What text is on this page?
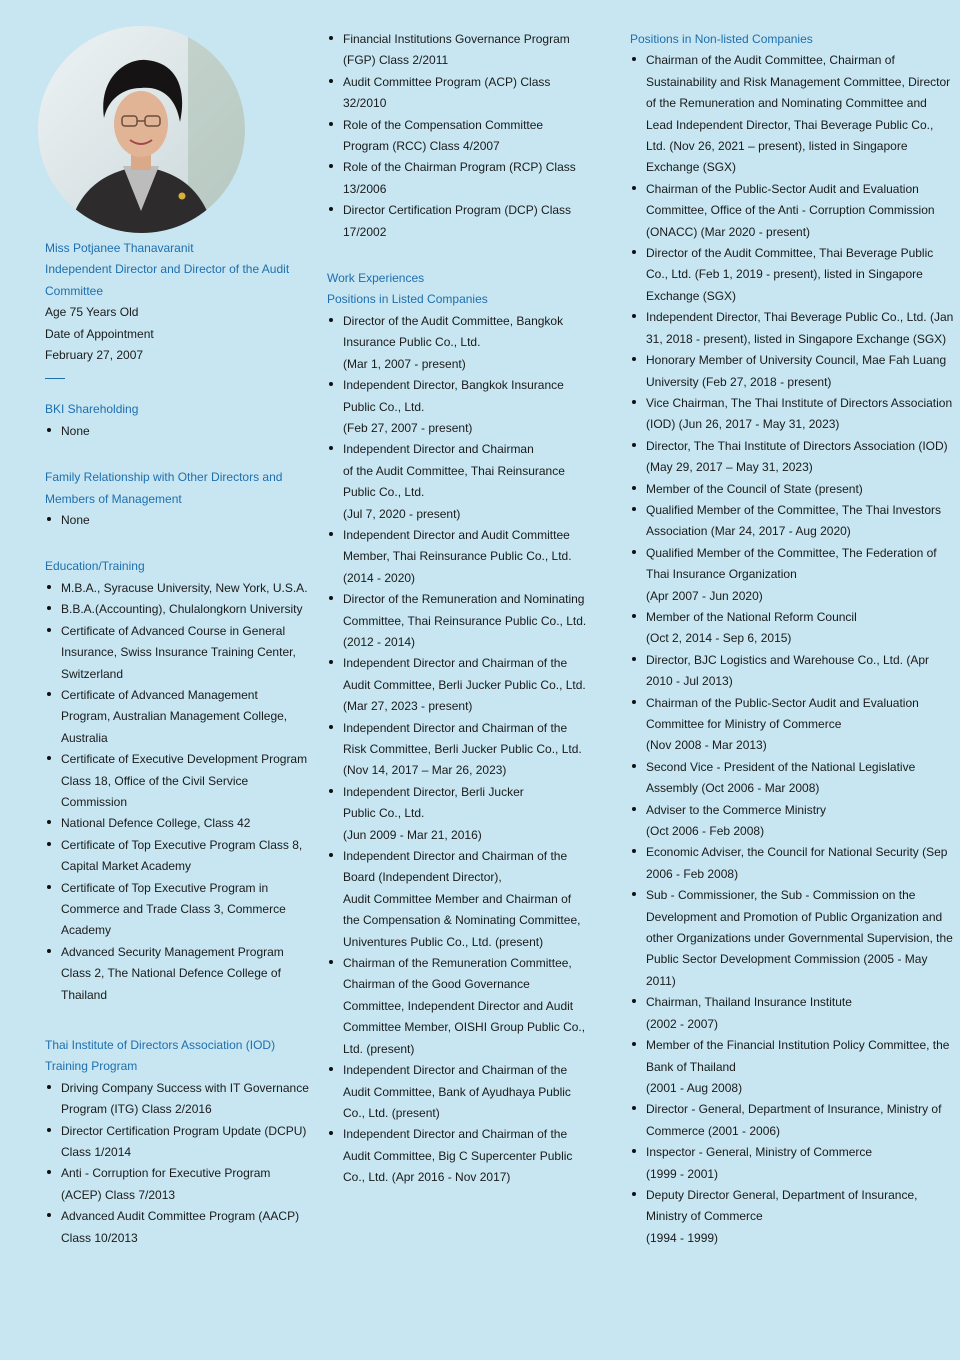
Miss Potjanee Thanavaranit

Independent Director and Director of the Audit Committee

Age 75 Years Old

Date of Appointment

February 27, 2007

BKI Shareholding

None

Family Relationship with Other Directors and Members of Management

None

Education/Training

M.B.A., Syracuse University, New York, U.S.A.
B.B.A.(Accounting), Chulalongkorn University
Certificate of Advanced Course in General Insurance, Swiss Insurance Training Center, Switzerland
Certificate of Advanced Management Program, Australian Management College, Australia
Certificate of Executive Development Program Class 18, Office of the Civil Service Commission
National Defence College, Class 42
Certificate of Top Executive Program Class 8, Capital Market Academy
Certificate of Top Executive Program in Commerce and Trade Class 3, Commerce Academy
Advanced Security Management Program Class 2, The National Defence College of Thailand

Thai Institute of Directors Association (IOD) Training Program

Driving Company Success with IT Governance Program (ITG) Class 2/2016
Director Certification Program Update (DCPU) Class 1/2014
Anti - Corruption for Executive Program (ACEP) Class 7/2013
Advanced Audit Committee Program (AACP) Class 10/2013
Financial Institutions Governance Program (FGP) Class 2/2011
Audit Committee Program (ACP) Class 32/2010
Role of the Compensation Committee Program (RCC) Class 4/2007
Role of the Chairman Program (RCP) Class 13/2006
Director Certification Program (DCP) Class 17/2002

Work Experiences

Positions in Listed Companies

Director of the Audit Committee, Bangkok Insurance Public Co., Ltd.
(Mar 1, 2007 - present)
Independent Director, Bangkok Insurance Public Co., Ltd.
(Feb 27, 2007 - present)
Independent Director and Chairman
of the Audit Committee, Thai Reinsurance Public Co., Ltd.
(Jul 7, 2020 - present)
Independent Director and Audit Committee Member, Thai Reinsurance Public Co., Ltd.
(2014 - 2020)
Director of the Remuneration and Nominating Committee, Thai Reinsurance Public Co., Ltd.
(2012 - 2014)
Independent Director and Chairman of the Audit Committee, Berli Jucker Public Co., Ltd.
(Mar 27, 2023 - present)
Independent Director and Chairman of the Risk Committee, Berli Jucker Public Co., Ltd.
(Nov 14, 2017 – Mar 26, 2023)
Independent Director, Berli Jucker
Public Co., Ltd.
(Jun 2009 - Mar 21, 2016)
Independent Director and Chairman of the Board (Independent Director),
Audit Committee Member and Chairman of the Compensation & Nominating Committee, Univentures Public Co., Ltd. (present)
Chairman of the Remuneration Committee, Chairman of the Good Governance Committee, Independent Director and Audit Committee Member, OISHI Group Public Co., Ltd. (present)
Independent Director and Chairman of the Audit Committee, Bank of Ayudhaya Public Co., Ltd. (present)
Independent Director and Chairman of the Audit Committee, Big C Supercenter Public Co., Ltd. (Apr 2016 - Nov 2017)

Positions in Non-listed Companies

Chairman of the Audit Committee, Chairman of Sustainability and Risk Management Committee, Director of the Remuneration and Nominating Committee and Lead Independent Director, Thai Beverage Public Co., Ltd. (Nov 26, 2021 – present), listed in Singapore Exchange (SGX)
Chairman of the Public-Sector Audit and Evaluation Committee, Office of the Anti - Corruption Commission (ONACC) (Mar 2020 - present)
Director of the Audit Committee, Thai Beverage Public Co., Ltd. (Feb 1, 2019 - present), listed in Singapore Exchange (SGX)
Independent Director, Thai Beverage Public Co., Ltd. (Jan 31, 2018 - present), listed in Singapore Exchange (SGX)
Honorary Member of University Council, Mae Fah Luang University (Feb 27, 2018 - present)
Vice Chairman, The Thai Institute of Directors Association (IOD) (Jun 26, 2017 - May 31, 2023)
Director, The Thai Institute of Directors Association (IOD) (May 29, 2017 – May 31, 2023)
Member of the Council of State (present)
Qualified Member of the Committee, The Thai Investors Association (Mar 24, 2017 - Aug 2020)
Qualified Member of the Committee, The Federation of Thai Insurance Organization
(Apr 2007 - Jun 2020)
Member of the National Reform Council
(Oct 2, 2014 - Sep 6, 2015)
Director, BJC Logistics and Warehouse Co., Ltd. (Apr 2010 - Jul 2013)
Chairman of the Public-Sector Audit and Evaluation Committee for Ministry of Commerce
(Nov 2008 - Mar 2013)
Second Vice - President of the National Legislative Assembly (Oct 2006 - Mar 2008)
Adviser to the Commerce Ministry
(Oct 2006 - Feb 2008)
Economic Adviser, the Council for National Security (Sep 2006 - Feb 2008)
Sub - Commissioner, the Sub - Commission on the Development and Promotion of Public Organization and other Organizations under Governmental Supervision, the Public Sector Development Commission (2005 - May 2011)
Chairman, Thailand Insurance Institute
(2002 - 2007)
Member of the Financial Institution Policy Committee, the Bank of Thailand
(2001 - Aug 2008)
Director - General, Department of Insurance, Ministry of Commerce (2001 - 2006)
Inspector - General, Ministry of Commerce
(1999 - 2001)
Deputy Director General, Department of Insurance, Ministry of Commerce
(1994 - 1999)
